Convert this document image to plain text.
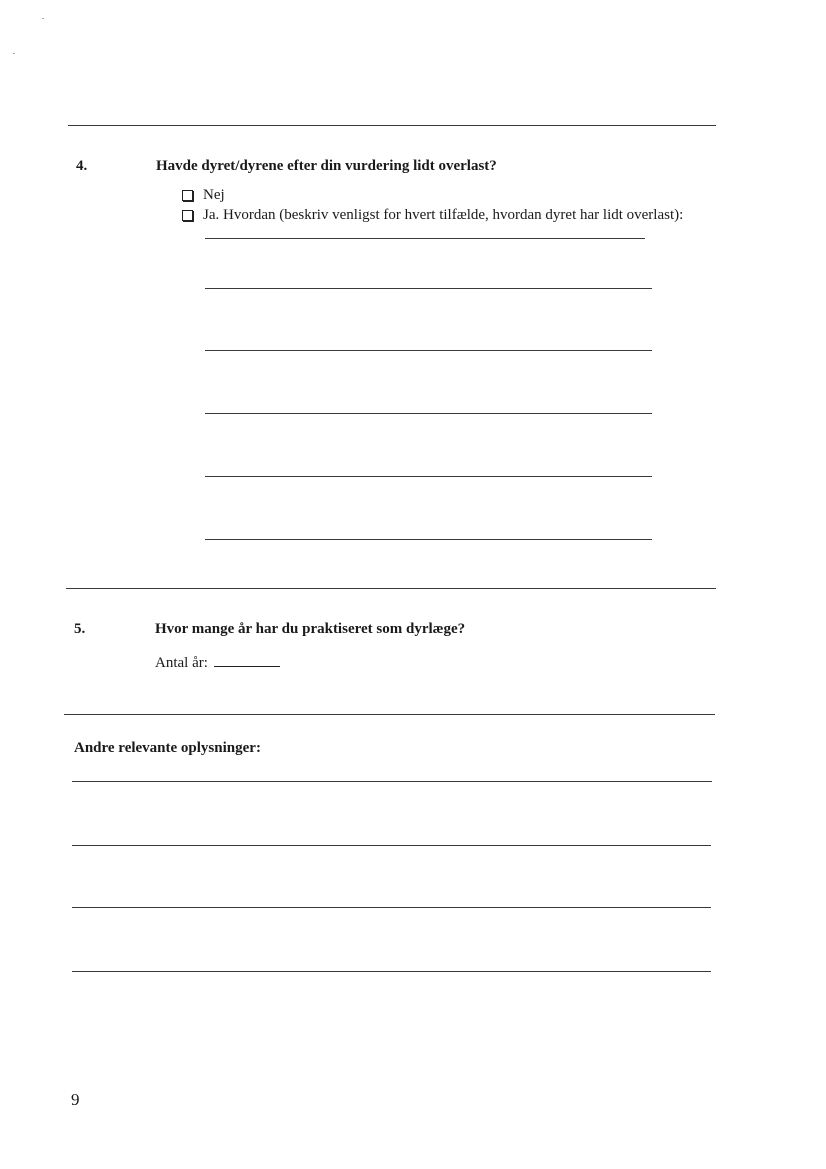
4.	Havde dyret/dyrene efter din vurdering lidt overlast?
Nej
Ja. Hvordan (beskriv venligst for hvert tilfælde, hvordan dyret har lidt overlast):
5.	Hvor mange år har du praktiseret som dyrlæge?
Antal år:
Andre relevante oplysninger:
9
